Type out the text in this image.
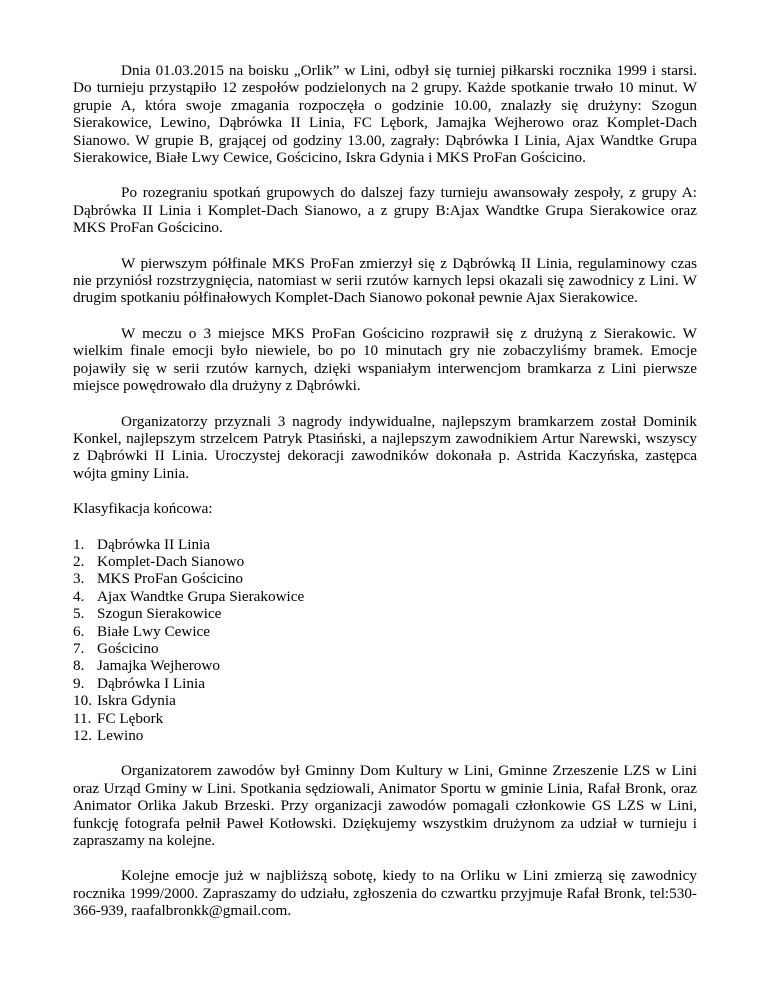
Dnia 01.03.2015 na boisku „Orlik” w Lini, odbył się turniej piłkarski rocznika 1999 i starsi. Do turnieju przystąpiło 12 zespołów podzielonych na 2 grupy. Każde spotkanie trwało 10 minut. W grupie A, która swoje zmagania rozpoczęła o godzinie 10.00, znalazły się drużyny: Szogun Sierakowice, Lewino, Dąbrówka II Linia, FC Lębork, Jamajka Wejherowo oraz Komplet-Dach Sianowo. W grupie B, grającej od godziny 13.00, zagrały: Dąbrówka I Linia, Ajax Wandtke Grupa Sierakowice, Białe Lwy Cewice, Gościcino, Iskra Gdynia i MKS ProFan Gościcino.

Po rozegraniu spotkań grupowych do dalszej fazy turnieju awansowały zespoły, z grupy A: Dąbrówka II Linia i Komplet-Dach Sianowo, a z grupy B:Ajax Wandtke Grupa Sierakowice oraz MKS ProFan Gościcino.

W pierwszym półfinale MKS ProFan zmierzył się z Dąbrówką II Linia, regulaminowy czas nie przyniósł rozstrzygnięcia, natomiast w serii rzutów karnych lepsi okazali się zawodnicy z Lini. W drugim spotkaniu półfinałowych Komplet-Dach Sianowo pokonał pewnie Ajax Sierakowice.

W meczu o 3 miejsce MKS ProFan Gościcino rozprawił się z drużyną z Sierakowic. W wielkim finale emocji było niewiele, bo po 10 minutach gry nie zobaczyliśmy bramek. Emocje pojawiły się w serii rzutów karnych, dzięki wspaniałym interwencjom bramkarza z Lini pierwsze miejsce powędrowało dla drużyny z Dąbrówki.

Organizatorzy przyznali 3 nagrody indywidualne, najlepszym bramkarzem został Dominik Konkel, najlepszym strzelcem Patryk Ptasiński, a najlepszym zawodnikiem Artur Narewski, wszyscy z Dąbrówki II Linia. Uroczystej dekoracji zawodników dokonała p. Astrida Kaczyńska, zastępca wójta gminy Linia.

Klasyfikacja końcowa:

1. Dąbrówka II Linia
2. Komplet-Dach Sianowo
3. MKS ProFan Gościcino
4. Ajax Wandtke Grupa Sierakowice
5. Szogun Sierakowice
6. Białe Lwy Cewice
7. Gościcino
8. Jamajka Wejherowo
9. Dąbrówka I Linia
10. Iskra Gdynia
11. FC Lębork
12. Lewino

Organizatorem zawodów był Gminny Dom Kultury w Lini, Gminne Zrzeszenie LZS w Lini oraz Urząd Gminy w Lini. Spotkania sędziowali, Animator Sportu w gminie Linia, Rafał Bronk, oraz Animator Orlika Jakub Brzeski. Przy organizacji zawodów pomagali członkowie GS LZS w Lini, funkcję fotografa pełnił Paweł Kotłowski. Dziękujemy wszystkim drużynom za udział w turnieju i zapraszamy na kolejne.

Kolejne emocje już w najbliższą sobotę, kiedy to na Orliku w Lini zmierzą się zawodnicy rocznika 1999/2000. Zapraszamy do udziału, zgłoszenia do czwartku przyjmuje Rafał Bronk, tel:530-366-939, raafalbronkk@gmail.com.
